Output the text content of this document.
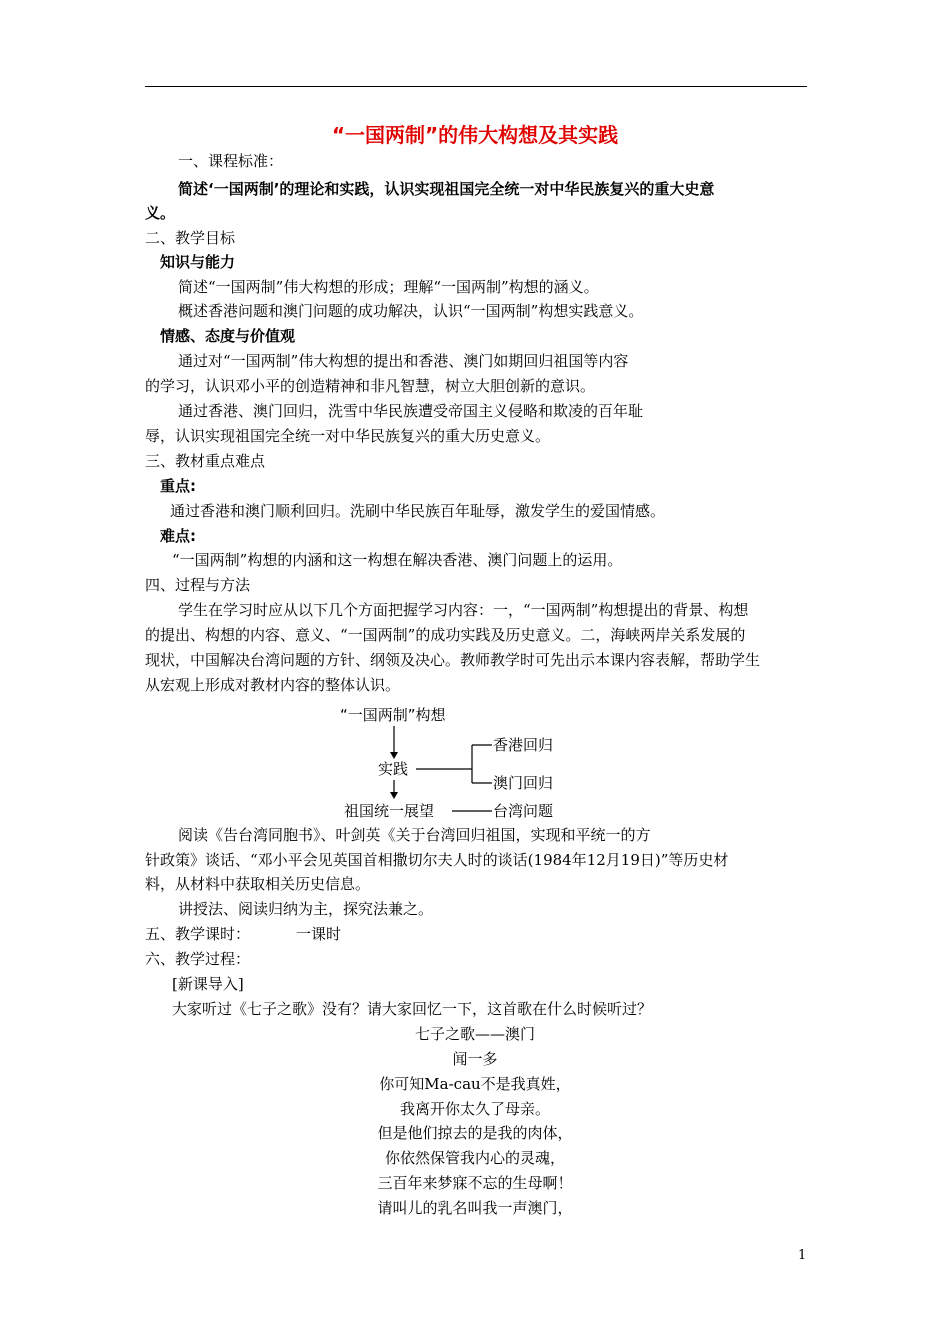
“一国两制”的伟大构想及其实践
一、课程标准：
简述‘一国两制’的理论和实践，认识实现祖国完全统一对中华民族复兴的重大史意
义。
二、教学目标
知识与能力
简述“一国两制”伟大构想的形成；理解“一国两制”构想的涵义。
概述香港问题和澳门问题的成功解决，认识“一国两制”构想实践意义。
情感、态度与价值观
通过对“一国两制”伟大构想的提出和香港、澳门如期回归祖国等内容
的学习，认识邓小平的创造精神和非凡智慧，树立大胆创新的意识。
通过香港、澳门回归，洗雪中华民族遭受帝国主义侵略和欺凌的百年耻
辱，认识实现祖国完全统一对中华民族复兴的重大历史意义。
三、教材重点难点
重点:
通过香港和澳门顺利回归。洗刷中华民族百年耻辱，激发学生的爱国情感。
难点:
“一国两制”构想的内涵和这一构想在解决香港、澳门问题上的运用。
四、过程与方法
学生在学习时应从以下几个方面把握学习内容：一，“一国两制”构想提出的背景、构想
的提出、构想的内容、意义、“一国两制”的成功实践及历史意义。二，海峡两岸关系发展的
现状，中国解决台湾问题的方针、纲领及决心。教师教学时可先出示本课内容表解，帮助学生
从宏观上形成对教材内容的整体认识。
“一国两制”构想
实践
香港回归
澳门回归
祖国统一展望	台湾问题
阅读《告台湾同胞书》、叶剑英《关于台湾回归祖国，实现和平统一的方
针政策》谈话、“邓小平会见英国首相撒切尔夫人时的谈话(1984年12月19日)”等历史材
料，从材料中获取相关历史信息。
讲授法、阅读归纳为主，探究法兼之。
五、教学课时：	一课时
六、教学过程：
[新课导入]
大家听过《七子之歌》没有？请大家回忆一下，这首歌在什么时候听过？
七子之歌——澳门
闻一多
你可知Ma-cau不是我真姓，
我离开你太久了母亲。
但是他们掠去的是我的肉体，
你依然保管我内心的灵魂，
三百年来梦寐不忘的生母啊！
请叫儿的乳名叫我一声澳门，
1
